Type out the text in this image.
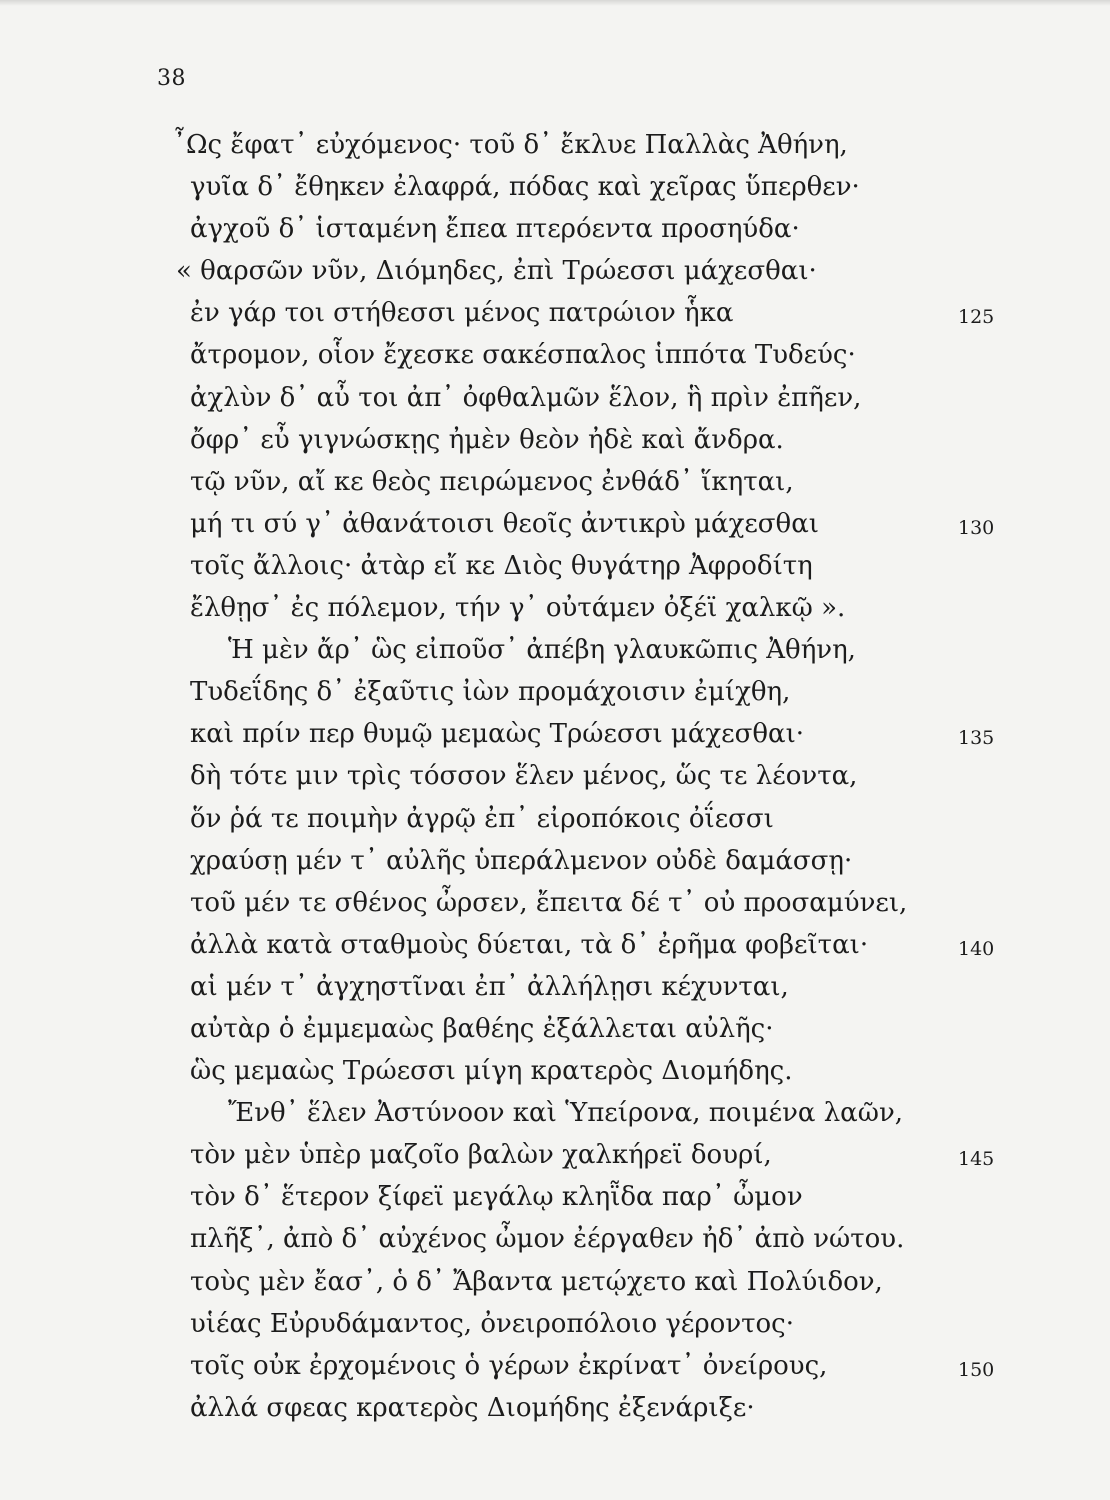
38
῏Ως ἔφατ᾽ εὐχόμενος· τοῦ δ᾽ ἔκλυε Παλλὰς Ἀθήνη,
γυῖα δ᾽ ἔθηκεν ἐλαφρά, πόδας καὶ χεῖρας ὕπερθεν·
ἀγχοῦ δ᾽ ἱσταμένη ἔπεα πτερόεντα προσηύδα·
« θαρσῶν νῦν, Διόμηδες, ἐπὶ Τρώεσσι μάχεσθαι·
ἐν γάρ τοι στήθεσσι μένος πατρώιον ἧκα	125
ἄτρομον, οἷον ἔχεσκε σακέσπαλος ἱππότα Τυδεύς·
ἀχλὺν δ᾽ αὖ τοι ἀπ᾽ ὀφθαλμῶν ἕλον, ἣ πρὶν ἐπῆεν,
ὄφρ᾽ εὖ γιγνώσκῃς ἠμὲν θεὸν ἠδὲ καὶ ἄνδρα.
τῷ νῦν, αἴ κε θεὸς πειρώμενος ἐνθάδ᾽ ἵκηται,
μή τι σύ γ᾽ ἀθανάτοισι θεοῖς ἀντικρὺ μάχεσθαι	130
τοῖς ἄλλοις· ἀτὰρ εἴ κε Διὸς θυγάτηρ Ἀφροδίτη
ἔλθῃσ᾽ ἐς πόλεμον, τήν γ᾽ οὐτάμεν ὀξέϊ χαλκῷ ».
Ἡ μὲν ἄρ᾽ ὣς εἰποῦσ᾽ ἀπέβη γλαυκῶπις Ἀθήνη,
Τυδεΐδης δ᾽ ἐξαῦτις ἰὼν προμάχοισιν ἐμίχθη,
καὶ πρίν περ θυμῷ μεμαὼς Τρώεσσι μάχεσθαι·	135
δὴ τότε μιν τρὶς τόσσον ἕλεν μένος, ὥς τε λέοντα,
ὅν ῥά τε ποιμὴν ἀγρῷ ἐπ᾽ εἰροπόκοις ὀΐεσσι
χραύσῃ μέν τ᾽ αὐλῆς ὑπεράλμενον οὐδὲ δαμάσσῃ·
τοῦ μέν τε σθένος ὦρσεν, ἔπειτα δέ τ᾽ οὐ προσαμύνει,
ἀλλὰ κατὰ σταθμοὺς δύεται, τὰ δ᾽ ἐρῆμα φοβεῖται·	140
αἱ μέν τ᾽ ἀγχηστῖναι ἐπ᾽ ἀλλήλῃσι κέχυνται,
αὐτὰρ ὁ ἐμμεμαὼς βαθέης ἐξάλλεται αὐλῆς·
ὣς μεμαὼς Τρώεσσι μίγη κρατερὸς Διομήδης.
Ἔνθ᾽ ἕλεν Ἀστύνοον καὶ Ὑπείρονα, ποιμένα λαῶν,
τὸν μὲν ὑπὲρ μαζοῖο βαλὼν χαλκήρεϊ δουρί,	145
τὸν δ᾽ ἕτερον ξίφεϊ μεγάλῳ κληῗδα παρ᾽ ὦμον
πλῆξ᾽, ἀπὸ δ᾽ αὐχένος ὦμον ἐέργαθεν ἠδ᾽ ἀπὸ νώτου.
τοὺς μὲν ἔασ᾽, ὁ δ᾽ Ἄβαντα μετῴχετο καὶ Πολύιδον,
υἱέας Εὐρυδάμαντος, ὀνειροπόλοιο γέροντος·
τοῖς οὐκ ἐρχομένοις ὁ γέρων ἐκρίνατ᾽ ὀνείρους,	150
ἀλλά σφεας κρατερὸς Διομήδης ἐξενάριξε·
